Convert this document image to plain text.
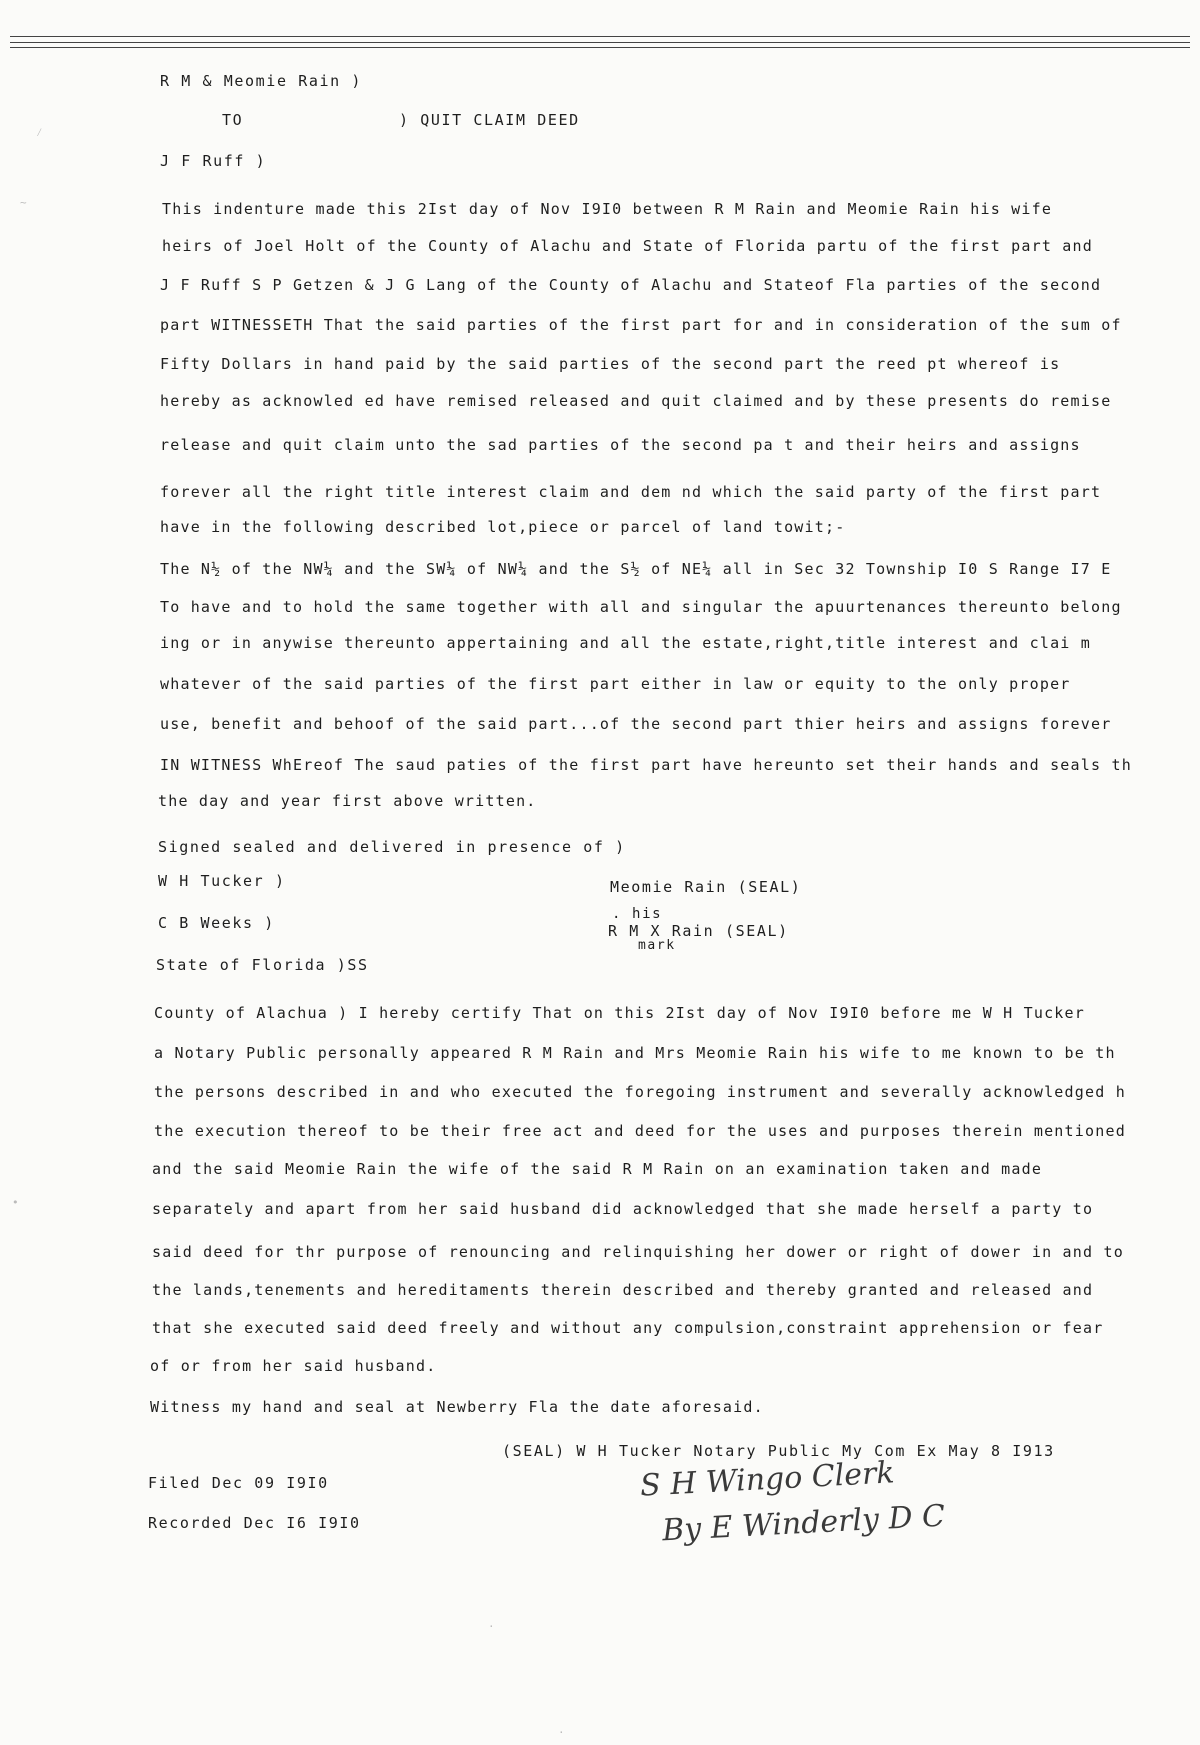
R M & Meomie Rain )
TO	) QUIT CLAIM DEED
J F Ruff )
This indenture made this 2Ist day of Nov I9I0 between R M Rain and Meomie Rain his wife
heirs of Joel Holt of the County of Alachu and State of Florida partu of the first part and
J F Ruff S P Getzen & J G Lang of the County of Alachu and Stateof Fla parties of the second
part WITNESSETH That the said parties of the first part for and in consideration of the sum of
Fifty Dollars in hand paid by the said parties of the second part the reed pt whereof is
hereby as acknowled ed have remised released and quit claimed and by these presents do remise
release and quit claim unto the sad parties of the second pa t and their heirs and assigns
forever all the right title interest claim and dem nd which the said party of the first part
have in the following described lot,piece or parcel of land towit;-
The N½ of the NW¼ and the SW¼ of NW¼ and the S½ of NE¼ all in Sec 32 Township I0 S Range I7 E
To have and to hold the same together with all and singular the apuurtenances thereunto belong
ing or in anywise thereunto appertaining and all the estate,right,title interest and clai m
whatever of the said parties of the first part either in law or equity to the only proper
use, benefit and behoof of the said part...of the second part thier heirs and assigns forever
IN WITNESS WhEreof The saud paties of the first part have hereunto set their hands and seals th
the day and year first above written.
Signed sealed and delivered in presence of )
W H Tucker )
C B Weeks )
Meomie Rain (SEAL)
. his
R M X Rain (SEAL)
mark
State of Florida )SS
County of Alachua ) I hereby certify That on this 2Ist day of Nov I9I0 before me W H Tucker
a Notary Public personally appeared R M Rain and Mrs Meomie Rain his wife to me known to be th
the persons described in and who executed the foregoing instrument and severally acknowledged h
the execution thereof to be their free act and deed for the uses and purposes therein mentioned
and the said Meomie Rain the wife of the said R M Rain on an examination taken and made
separately and apart from her said husband did acknowledged that she made herself a party to
said deed for thr purpose of renouncing and relinquishing her dower or right of dower in and to
the lands,tenements and hereditaments therein described and thereby granted and released and
that she executed said deed freely and without any compulsion,constraint apprehension or fear
of or from her said husband.
Witness my hand and seal at Newberry Fla the date aforesaid.
(SEAL) W H Tucker Notary Public My Com Ex May 8 I913
Filed Dec 09 I9I0
Recorded Dec I6 I9I0
S H Wingo Clerk
By E Winderly D C
~
⁄
•
·
·
